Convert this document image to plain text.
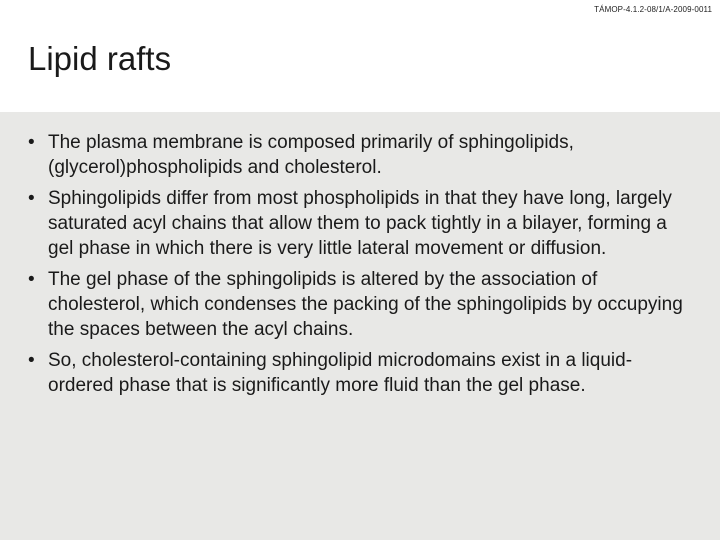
TÁMOP-4.1.2-08/1/A-2009-0011
Lipid rafts
• The plasma membrane is composed primarily of sphingolipids, (glycerol)phospholipids and cholesterol.
• Sphingolipids differ from most phospholipids in that they have long, largely saturated acyl chains that allow them to pack tightly in a bilayer, forming a gel phase in which there is very little lateral movement or diffusion.
• The gel phase of the sphingolipids is altered by the association of cholesterol, which condenses the packing of the sphingolipids by occupying the spaces between the acyl chains.
• So, cholesterol-containing sphingolipid microdomains exist in a liquid-ordered phase that is significantly more fluid than the gel phase.
